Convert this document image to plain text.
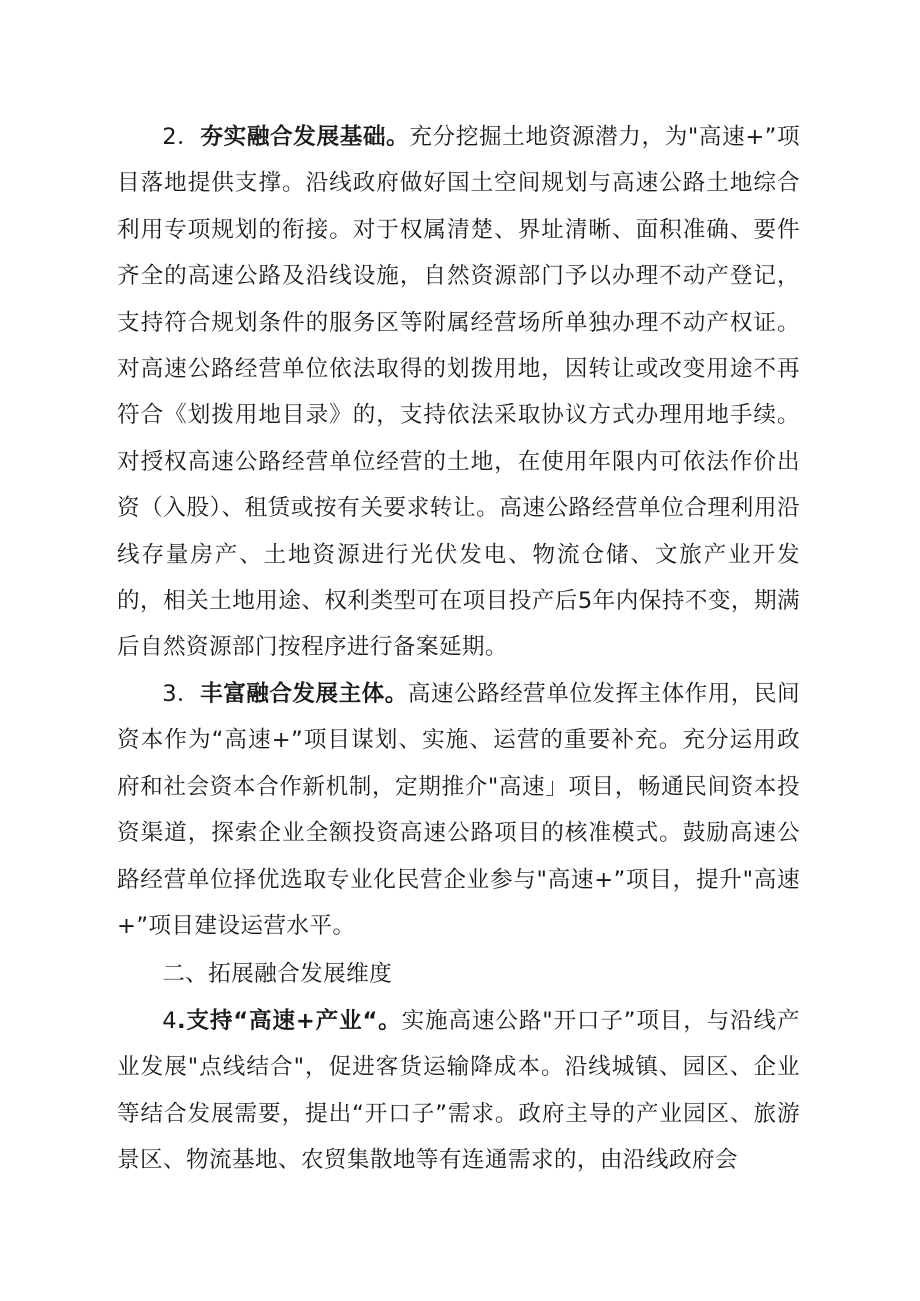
2．夯实融合发展基础。充分挖掘土地资源潜力，为"高速+”项目落地提供支撑。沿线政府做好国土空间规划与高速公路土地综合利用专项规划的衔接。对于权属清楚、界址清晰、面积准确、要件齐全的高速公路及沿线设施，自然资源部门予以办理不动产登记，支持符合规划条件的服务区等附属经营场所单独办理不动产权证。对高速公路经营单位依法取得的划拨用地，因转让或改变用途不再符合《划拨用地目录》的，支持依法采取协议方式办理用地手续。对授权高速公路经营单位经营的土地，在使用年限内可依法作价出资（入股）、租赁或按有关要求转让。高速公路经营单位合理利用沿线存量房产、土地资源进行光伏发电、物流仓储、文旅产业开发的，相关土地用途、权利类型可在项目投产后5年内保持不变，期满后自然资源部门按程序进行备案延期。

3．丰富融合发展主体。高速公路经营单位发挥主体作用，民间资本作为“高速+”项目谋划、实施、运营的重要补充。充分运用政府和社会资本合作新机制，定期推介"高速」项目，畅通民间资本投资渠道，探索企业全额投资高速公路项目的核准模式。鼓励高速公路经营单位择优选取专业化民营企业参与"高速+”项目，提升"高速+”项目建设运营水平。

二、拓展融合发展维度

4.支持“高速+产业“。实施高速公路"开口子”项目，与沿线产业发展"点线结合"，促进客货运输降成本。沿线城镇、园区、企业等结合发展需要，提出“开口子”需求。政府主导的产业园区、旅游景区、物流基地、农贸集散地等有连通需求的，由沿线政府会
